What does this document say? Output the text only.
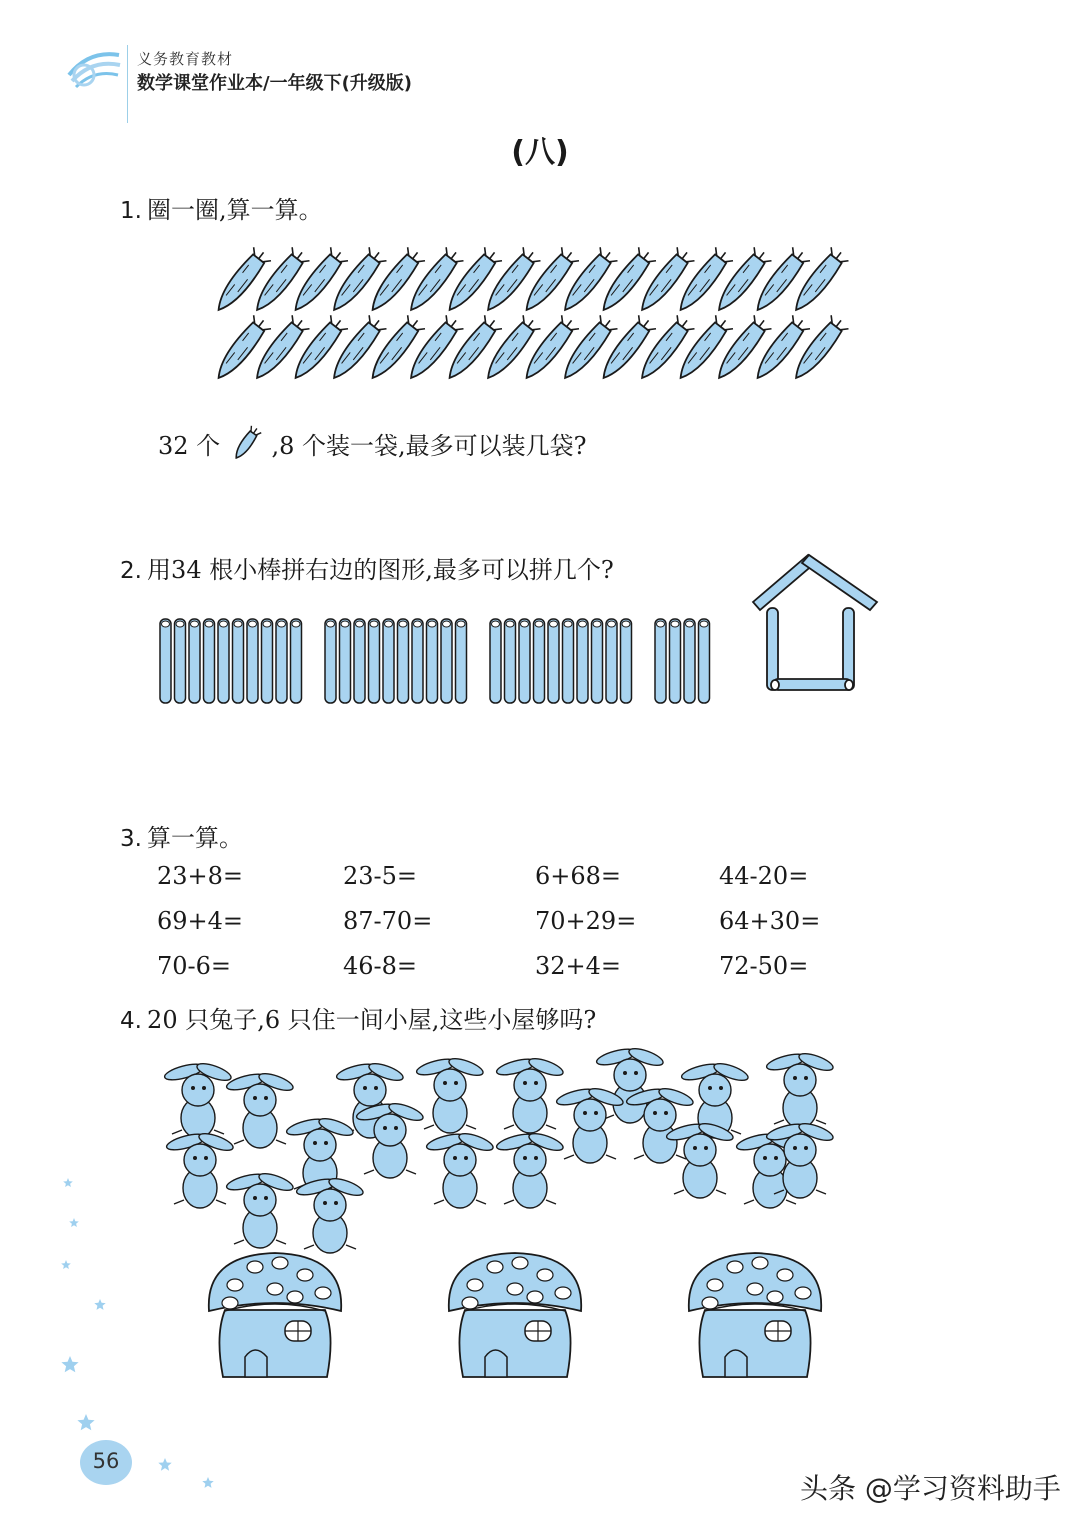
义务教育教材
数学课堂作业本/一年级下(升级版)
(八)
1. 圈一圈,算一算。
32 个 ,8 个装一袋,最多可以装几袋?
2. 用34 根小棒拼右边的图形,最多可以拼几个?
3. 算一算。
23+8=	23-5=	6+68=	44-20=
69+4=	87-70=	70+29=	64+30=
70-6=	46-8=	32+4=	72-50=
4. 20 只兔子,6 只住一间小屋,这些小屋够吗?
56
头条 @学习资料助手
